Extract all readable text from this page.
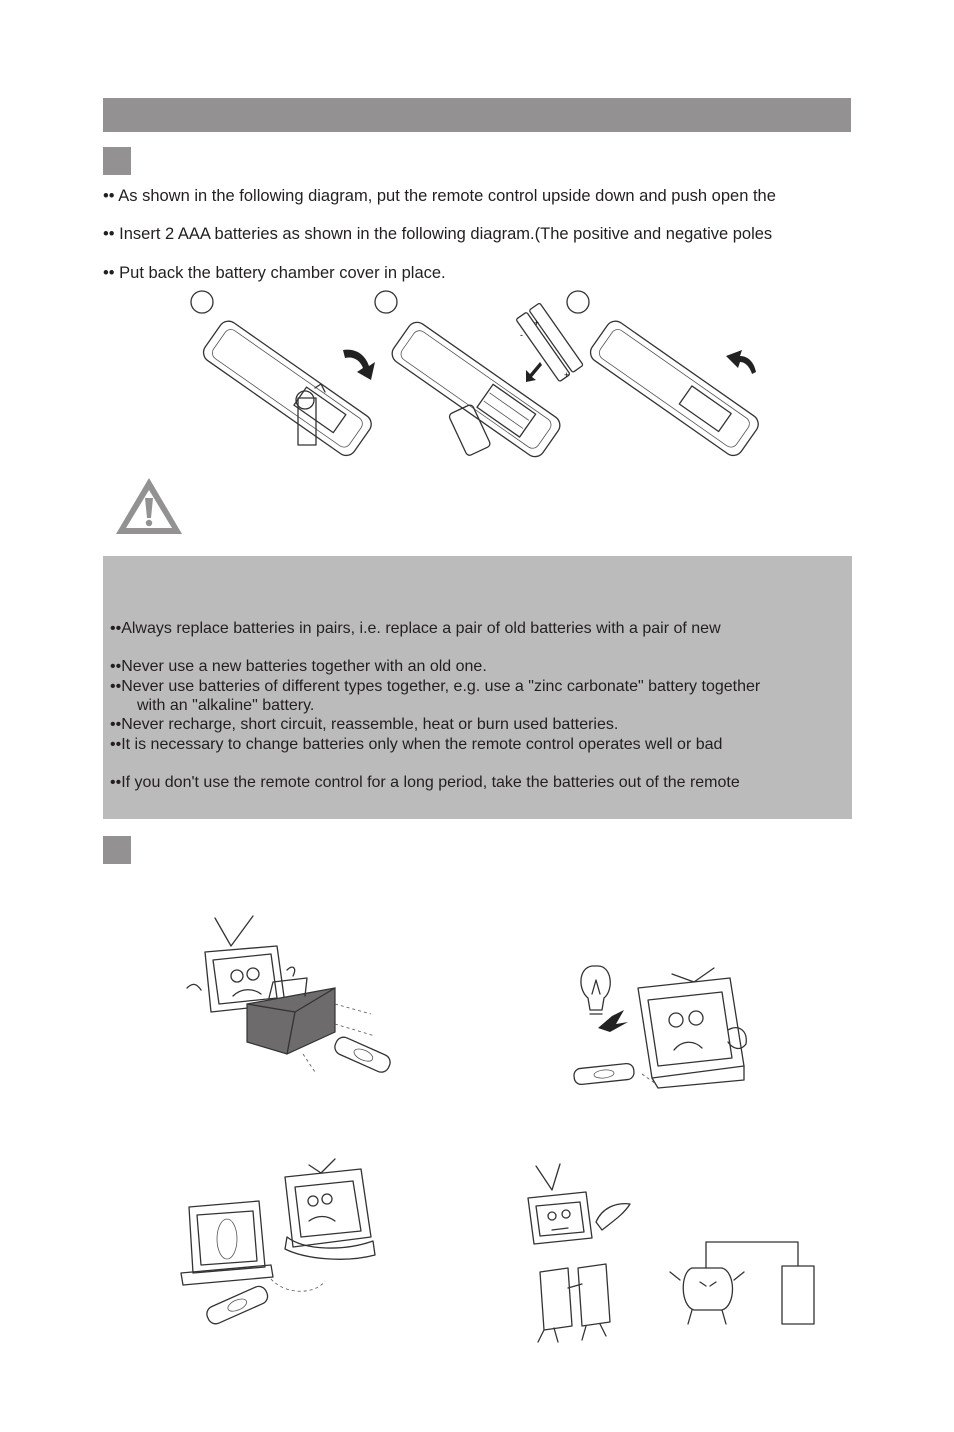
•• As shown in the following diagram, put the remote control upside down and push open the
•• Insert 2 AAA batteries as shown in the following diagram.(The positive and negative poles
•• Put back the battery chamber cover in place.
+
+
-
••Always replace batteries in pairs, i.e. replace a pair of old batteries with a pair of new
••Never use a new batteries together with an old one.
••Never use batteries of different types together, e.g. use a "zinc carbonate" battery together
with an "alkaline" battery.
••Never recharge, short circuit, reassemble, heat or burn used batteries.
••It is necessary to change batteries only when the remote control operates well or bad
••If you don't use the remote control for a long period, take the batteries out of the remote
